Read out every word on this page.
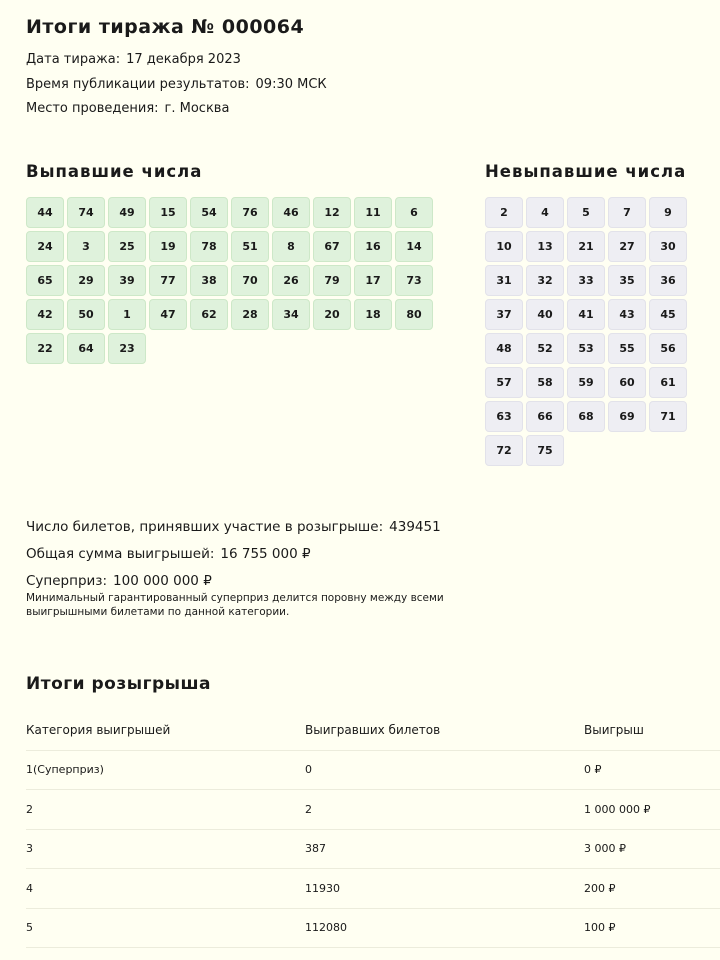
Итоги тиража № 000064
Дата тиража: 17 декабря 2023
Время публикации результатов: 09:30 МСК
Место проведения: г. Москва
Выпавшие числа
44	74	49	15	54	76	46	12	11	6
24	3	25	19	78	51	8	67	16	14
65	29	39	77	38	70	26	79	17	73
42	50	1	47	62	28	34	20	18	80
22	64	23
Невыпавшие числа
2	4	5	7	9
10	13	21	27	30
31	32	33	35	36
37	40	41	43	45
48	52	53	55	56
57	58	59	60	61
63	66	68	69	71
72	75
Число билетов, принявших участие в розыгрыше: 439451
Общая сумма выигрышей: 16 755 000 ₽
Суперприз: 100 000 000 ₽
Минимальный гарантированный суперприз делится поровну между всеми выигрышными билетами по данной категории.
Итоги розыгрыша
Категория выигрышей	Выигравших билетов	Выигрыш
1(Суперприз)	0	0 ₽
2	2	1 000 000 ₽
3	387	3 000 ₽
4	11930	200 ₽
5	112080	100 ₽
